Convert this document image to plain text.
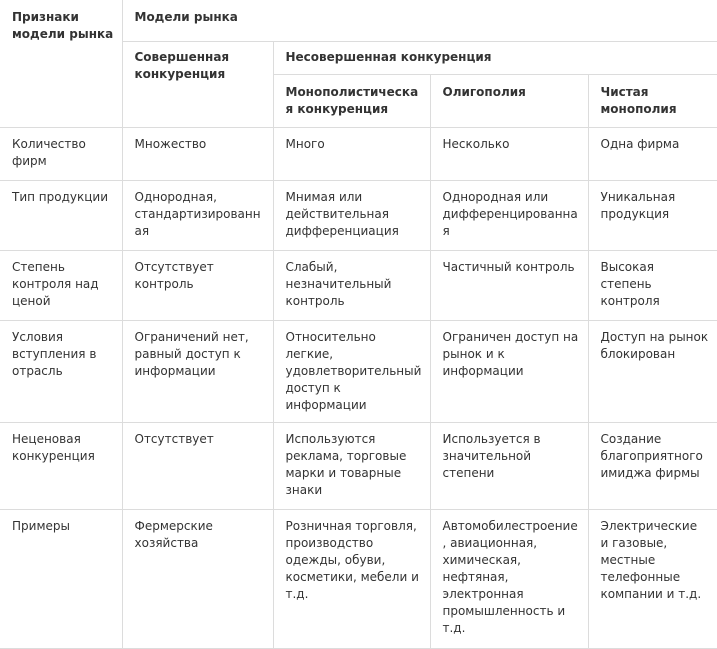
Признаки модели рынка	Модели рынка			
	Совершенная конкуренция	Несовершенная конкуренция		
		Монополистическая конкуренция	Олигополия	Чистая монополия
Количество фирм	Множество	Много	Несколько	Одна фирма
Тип продукции	Однородная, стандартизированная	Мнимая или действительная дифференциация	Однородная или дифференцированная	Уникальная продукция
Степень контроля над ценой	Отсутствует контроль	Слабый, незначительный контроль	Частичный контроль	Высокая степень контроля
Условия вступления в отрасль	Ограничений нет, равный доступ к информации	Относительно легкие, удовлетворительный доступ к информации	Ограничен доступ на рынок и к информации	Доступ на рынок блокирован
Неценовая конкуренция	Отсутствует	Используются реклама, торговые марки и товарные знаки	Используется в значительной степени	Создание благоприятного имиджа фирмы
Примеры	Фермерские хозяйства	Розничная торговля, производство одежды, обуви, косметики, мебели и т.д.	Автомобилестроение, авиационная, химическая, нефтяная, электронная промышленность и т.д.	Электрические и газовые, местные телефонные компании и т.д.
